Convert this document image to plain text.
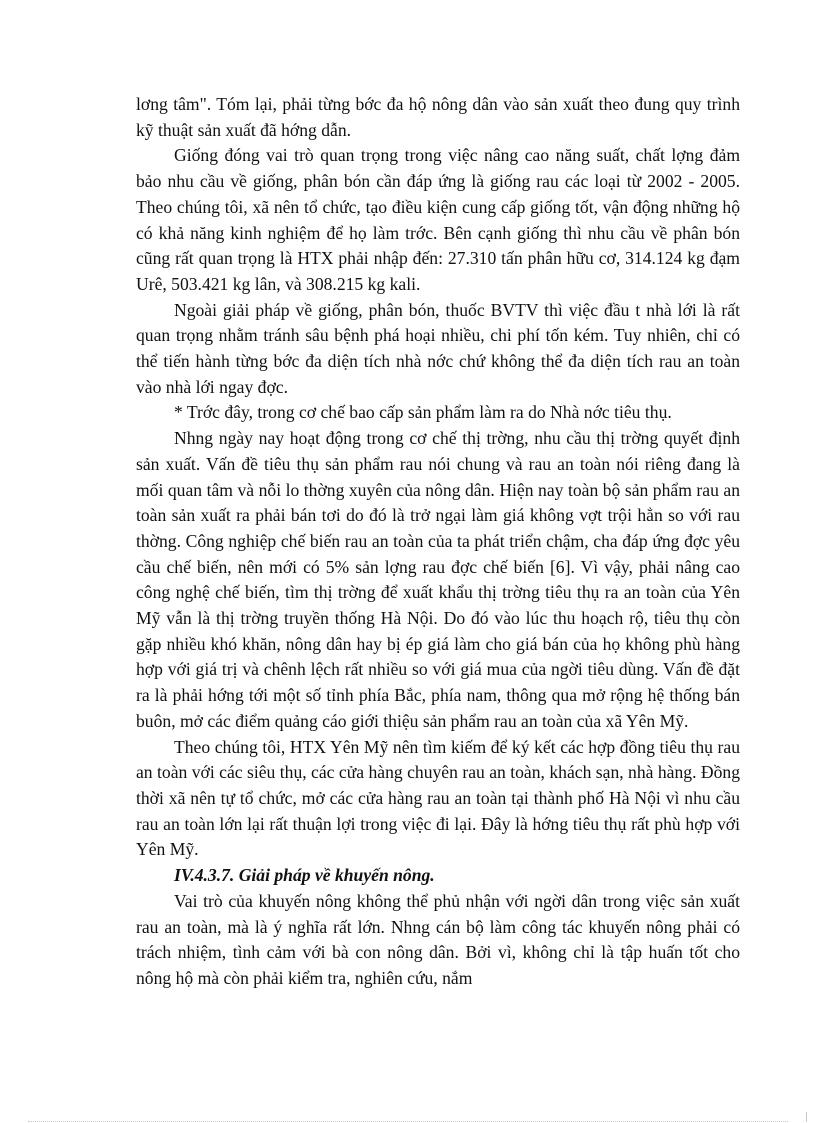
lơng tâm". Tóm lại, phải từng bớc đa hộ nông dân vào sản xuất theo đung quy trình kỹ thuật sản xuất đã hớng dẫn.

Giống đóng vai trò quan trọng trong việc nâng cao năng suất, chất lợng đảm bảo nhu cầu về giống, phân bón cần đáp ứng là giống rau các loại từ 2002 - 2005. Theo chúng tôi, xã nên tổ chức, tạo điều kiện cung cấp giống tốt, vận động những hộ có khả năng kinh nghiệm để họ làm trớc. Bên cạnh giống thì nhu cầu về phân bón cũng rất quan trọng là HTX phải nhập đến: 27.310 tấn phân hữu cơ, 314.124 kg đạm Urê, 503.421 kg lân, và 308.215 kg kali.

Ngoài giải pháp về giống, phân bón, thuốc BVTV thì việc đầu t nhà lới là rất quan trọng nhằm tránh sâu bệnh phá hoại nhiều, chi phí tốn kém. Tuy nhiên, chỉ có thể tiến hành từng bớc đa diện tích nhà nớc chứ không thể đa diện tích rau an toàn vào nhà lới ngay đợc.

* Trớc đây, trong cơ chế bao cấp sản phẩm làm ra do Nhà nớc tiêu thụ.

Nhng ngày nay hoạt động trong cơ chế thị trờng, nhu cầu thị trờng quyết định sản xuất. Vấn đề tiêu thụ sản phẩm rau nói chung và rau an toàn nói riêng đang là mối quan tâm và nỗi lo thờng xuyên của nông dân. Hiện nay toàn bộ sản phẩm rau an toàn sản xuất ra phải bán tơi do đó là trở ngại làm giá không vợt trội hẳn so với rau thờng. Công nghiệp chế biến rau an toàn của ta phát triển chậm, cha đáp ứng đợc yêu cầu chế biến, nên mới có 5% sản lợng rau đợc chế biến [6]. Vì vậy, phải nâng cao công nghệ chế biến, tìm thị trờng để xuất khẩu thị trờng tiêu thụ ra an toàn của Yên Mỹ vẫn là thị trờng truyền thống Hà Nội. Do đó vào lúc thu hoạch rộ, tiêu thụ còn gặp nhiều khó khăn, nông dân hay bị ép giá làm cho giá bán của họ không phù hàng hợp với giá trị và chênh lệch rất nhiều so với giá mua của ngời tiêu dùng. Vấn đề đặt ra là phải hớng tới một số tỉnh phía Bắc, phía nam, thông qua mở rộng hệ thống bán buôn, mở các điểm quảng cáo giới thiệu sản phẩm rau an toàn của xã Yên Mỹ.

Theo chúng tôi, HTX Yên Mỹ nên tìm kiếm để ký kết các hợp đồng tiêu thụ rau an toàn với các siêu thụ, các cửa hàng chuyên rau an toàn, khách sạn, nhà hàng. Đồng thời xã nên tự tổ chức, mở các cửa hàng rau an toàn tại thành phố Hà Nội vì nhu cầu rau an toàn lớn lại rất thuận lợi trong việc đi lại. Đây là hớng tiêu thụ rất phù hợp với Yên Mỹ.

IV.4.3.7. Giải pháp về khuyến nông.

Vai trò của khuyến nông không thể phủ nhận với ngời dân trong việc sản xuất rau an toàn, mà là ý nghĩa rất lớn. Nhng cán bộ làm công tác khuyến nông phải có trách nhiệm, tình cảm với bà con nông dân. Bởi vì, không chỉ là tập huấn tốt cho nông hộ mà còn phải kiểm tra, nghiên cứu, nắm
